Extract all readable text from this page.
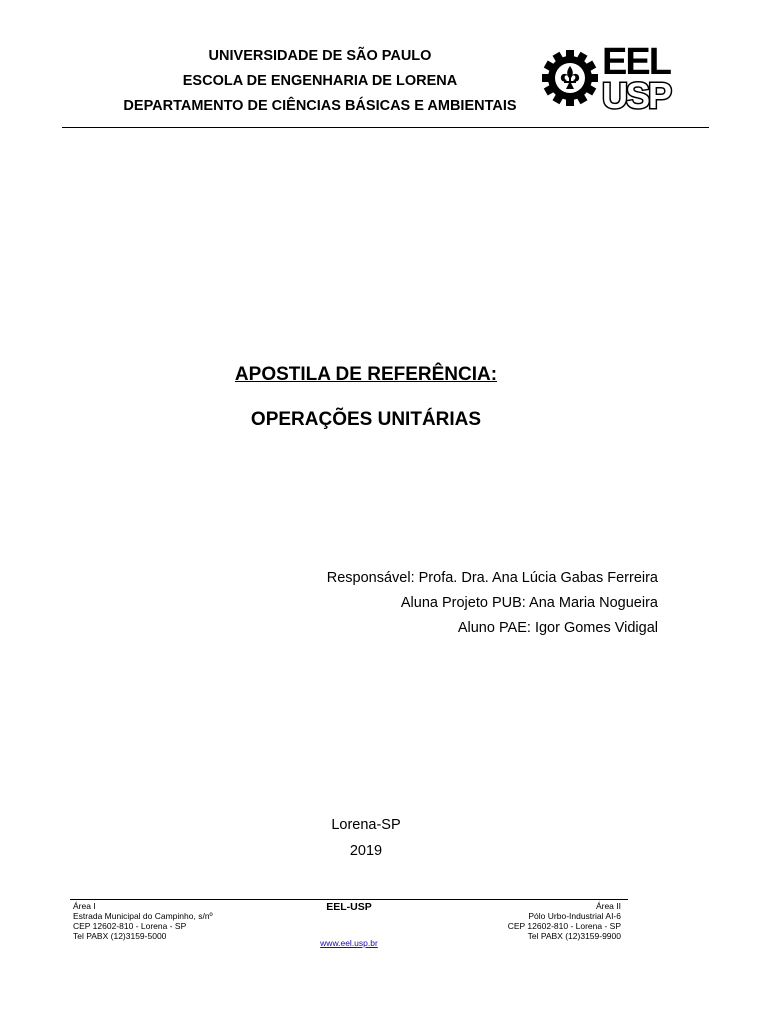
UNIVERSIDADE DE SÃO PAULO
ESCOLA DE ENGENHARIA DE LORENA
DEPARTAMENTO DE CIÊNCIAS BÁSICAS E AMBIENTAIS
EEL
USP
APOSTILA DE REFERÊNCIA:
OPERAÇÕES UNITÁRIAS
Responsável: Profa. Dra. Ana Lúcia Gabas Ferreira
Aluna Projeto PUB: Ana Maria Nogueira
Aluno PAE: Igor Gomes Vidigal
Lorena-SP
2019
Área I
Estrada Municipal do Campinho, s/nº
CEP 12602-810 - Lorena - SP
Tel PABX (12)3159-5000
EEL-USP
www.eel.usp.br
Área II
Pólo Urbo-Industrial AI-6
CEP 12602-810 - Lorena - SP
Tel PABX (12)3159-9900
